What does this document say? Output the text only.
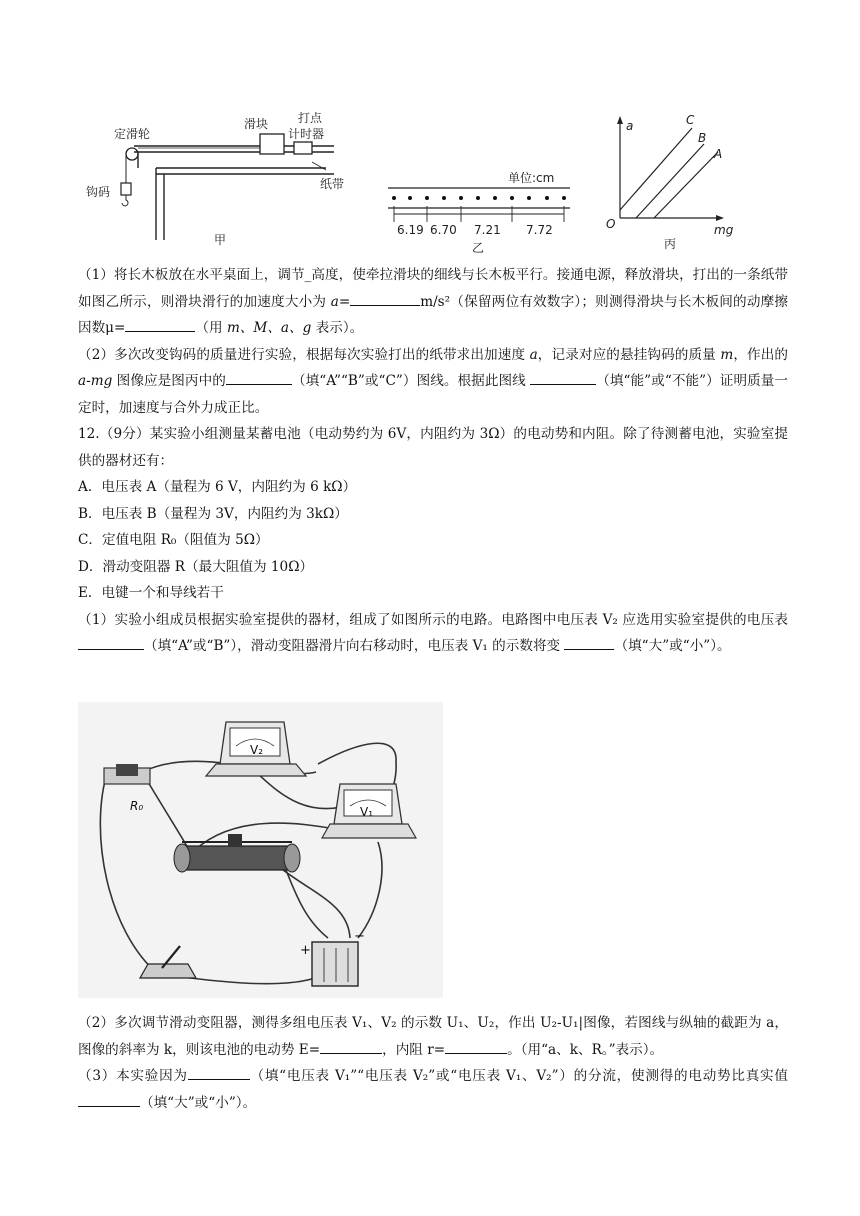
定滑轮
滑块 打点
计时器
钩码
纸带
甲
单位:cm
6.19 6.70 7.21 7.72
乙
a
mg
O
C
B
A
丙

（1）将长木板放在水平桌面上，调节_高度，使牵拉滑块的细线与长木板平行。接通电源，释放滑块，打出的一条纸带如图乙所示，则滑块滑行的加速度大小为 a=	m/s²（保留两位有效数字）；则测得滑块与长木板间的动摩擦因数μ=	（用 m、M、a、g 表示）。

（2）多次改变钩码的质量进行实验，根据每次实验打出的纸带求出加速度 a，记录对应的悬挂钩码的质量 m，作出的 a-mg 图像应是图丙中的	（填“A”“B”或“C”）图线。根据此图线	（填“能”或“不能”）证明质量一定时，加速度与合外力成正比。

12.（9分）某实验小组测量某蓄电池（电动势约为 6V，内阻约为 3Ω）的电动势和内阻。除了待测蓄电池，实验室提供的器材还有：

A．电压表 A（量程为 6 V，内阻约为 6 kΩ）

B．电压表 B（量程为 3V，内阻约为 3kΩ）

C．定值电阻 R₀（阻值为 5Ω）

D．滑动变阻器 R（最大阻值为 10Ω）

E．电键一个和导线若干

（1）实验小组成员根据实验室提供的器材，组成了如图所示的电路。电路图中电压表 V₂ 应选用实验室提供的电压表 （填“A”或“B”），滑动变阻器滑片向右移动时，电压表 V₁ 的示数将变	（填“大”或“小”）。

V₂
V₁
R₀
+
−

（2）多次调节滑动变阻器，测得多组电压表 V₁、V₂ 的示数 U₁、U₂，作出 U₂-U₁|图像，若图线与纵轴的截距为 a，图像的斜率为 k，则该电池的电动势 E=	，内阻 r=	。（用“a、k、R。”表示）。

（3）本实验因为	（填“电压表 V₁”“电压表 V₂”或“电压表 V₁、V₂”）的分流，使测得的电动势比真实值（填“大”或“小”）。
